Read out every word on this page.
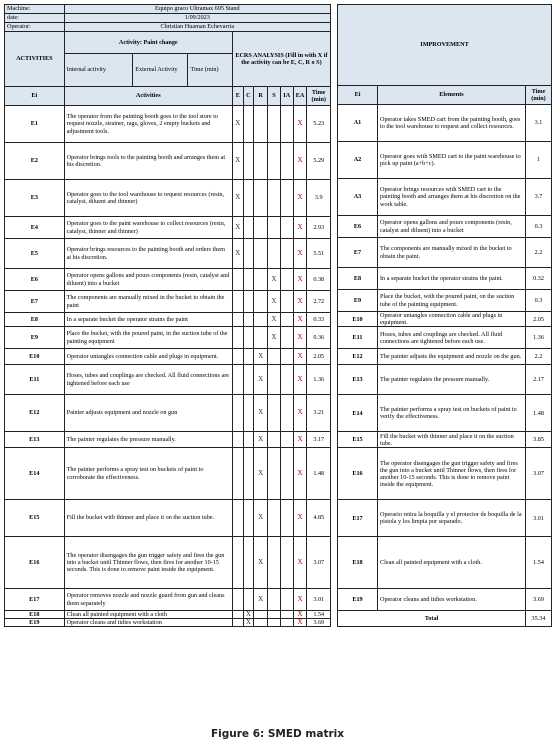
Machine:	Equipo graco Ultramax 695 Stand
date:	1/09/2023
Operator:	Christian Huaman Echevarria
ACTIVITIES	Activity: Paint change	ECRS ANALYSIS (Fill in with X if the activity can be E, C, R o S)

Internal activity	External Activity	Time (min)

Ei	Activities	E	C	R	S	IA	EA	Time (min)
E1	The operator from the painting booth goes to the tool store to request nozzle, strainer, rags, gloves, 2 empty buckets and adjustment tools.	X					X	5.23
E2	Operator brings tools to the painting booth and arranges them at his discretion.	X					X	5.29
E3	Operator goes to the tool warehouse to request resources (resin, catalyst, diluent and thinner)	X					X	3.9
E4	Operator goes to the paint warehouse to collect resources (resin, catalyst, thinner and thinner)	X					X	2.93
E5	Operator brings resources to the painting booth and orders them at his discretion.	X					X	5.51
E6	Operator opens gallons and pours components (resin, catalyst and diluent) into a bucket				X		X	0.38
E7	The components are manually mixed in the bucket to obtain the paint				X		X	2.72
E8	In a separate bucket the operator strains the paint				X		X	0.33
E9	Place the bucket, with the poured paint, in the suction tube of the painting equipment				X		X	0.36
E10	Operator untangles connection cable and plugs in equipment.			X			X	2.05
E11	Hoses, tubes and couplings are checked. All fluid connections are tightened before each use			X			X	1.36
E12	Painter adjusts equipment and nozzle on gun			X			X	3.21
E13	The painter regulates the pressure manually.			X			X	3.17
E14	The painter performs a spray test on buckets of paint to corroborate the effectiveness.			X			X	1.48
E15	Fill the bucket with thinner and place it on the suction tube.			X			X	4.85
E16	The operator disengages the gun trigger safety and fires the gun into a bucket until Thinner flows, then fires for another 10-15 seconds. This is done to remove paint inside the equipment.			X			X	3.07
E17	Operator removes nozzle and nozzle guard from gun and cleans them separately			X			X	3.01
E18	Clean all painted equipment with a cloth		X				X	1.54
E19	Operator cleans and tidies workstation		X				X	3.69
IMPROVEMENT		
Ei	Elements	Time (min)
A1	Operator takes SMED cart from the painting booth, goes to the tool warehouse to request and collect resources.	3.1
A2	Operator goes with SMED cart to the paint warehouse to pick up paint (a+b+c).	1
A3	Operator brings resources with SMED cart to the painting booth and arranges them at his discretion on the work table.	3.7
E6	Operator opens gallons and pours components (resin, catalyst and diluent) into a bucket	0.3
E7	The components are manually mixed in the bucket to obtain the paint.	2.2
E8	In a separate bucket the operator strains the paint.	0.32
E9	Place the bucket, with the poured paint, on the suction tube of the painting equipment.	0.3
E10	Operator untangles connection cable and plugs in equipment.	2.05
E11	Hoses, tubes and couplings are checked. All fluid connections are tightened before each use.	1.36
E12	The painter adjusts the equipment and nozzle on the gun.	2.2
E13	The painter regulates the pressure manually.	2.17
E14	The painter performs a spray test on buckets of paint to verify the effectiveness.	1.48
E15	Fill the bucket with thinner and place it on the suction tube.	3.85
E16	The operator disengages the gun trigger safety and fires the gun into a bucket until Thinner flows, then fires for another 10-15 seconds. This is done to remove paint inside the equipment.	3.07
E17	Operario retira la boquilla y el protector de boquilla de la pistola y los limpia por separado.	3.01
E18	Clean all painted equipment with a cloth.	1.54
E19	Operator cleans and tidies workstation.	3.69
Total		35.34
Figure 6: SMED matrix
